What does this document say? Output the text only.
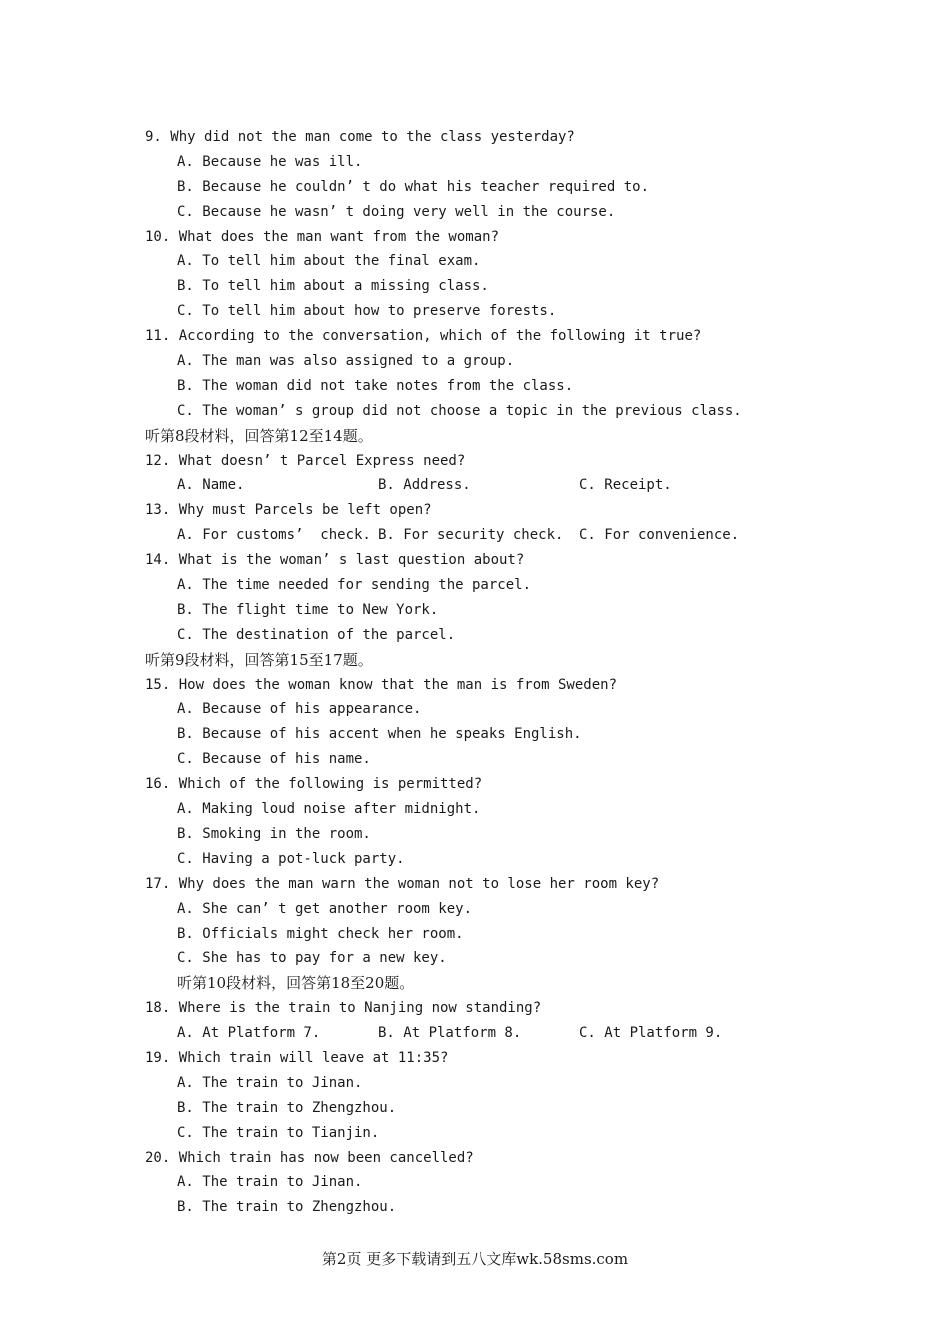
9. Why did not the man come to the class yesterday?
A. Because he was ill.
B. Because he couldn’ t do what his teacher required to.
C. Because he wasn’ t doing very well in the course.
10. What does the man want from the woman?
A. To tell him about the final exam.
B. To tell him about a missing class.
C. To tell him about how to preserve forests.
11. According to the conversation, which of the following it true?
A. The man was also assigned to a group.
B. The woman did not take notes from the class.
C. The woman’ s group did not choose a topic in the previous class.
听第8段材料，回答第12至14题。
12. What doesn’ t Parcel Express need?
A. Name.	B. Address.	C. Receipt.
13. Why must Parcels be left open?
A. For customs’  check. B. For security check.	C. For convenience.
14. What is the woman’ s last question about?
A. The time needed for sending the parcel.
B. The flight time to New York.
C. The destination of the parcel.
听第9段材料，回答第15至17题。
15. How does the woman know that the man is from Sweden?
A. Because of his appearance.
B. Because of his accent when he speaks English.
C. Because of his name.
16. Which of the following is permitted?
A. Making loud noise after midnight.
B. Smoking in the room.
C. Having a pot-luck party.
17. Why does the man warn the woman not to lose her room key?
A. She can’ t get another room key.
B. Officials might check her room.
C. She has to pay for a new key.
听第10段材料，回答第18至20题。
18. Where is the train to Nanjing now standing?
A. At Platform 7.	B. At Platform 8.	C. At Platform 9.
19. Which train will leave at 11:35?
A. The train to Jinan.
B. The train to Zhengzhou.
C. The train to Tianjin.
20. Which train has now been cancelled?
A. The train to Jinan.
B. The train to Zhengzhou.
第2页 更多下载请到五八文库wk.58sms.com
